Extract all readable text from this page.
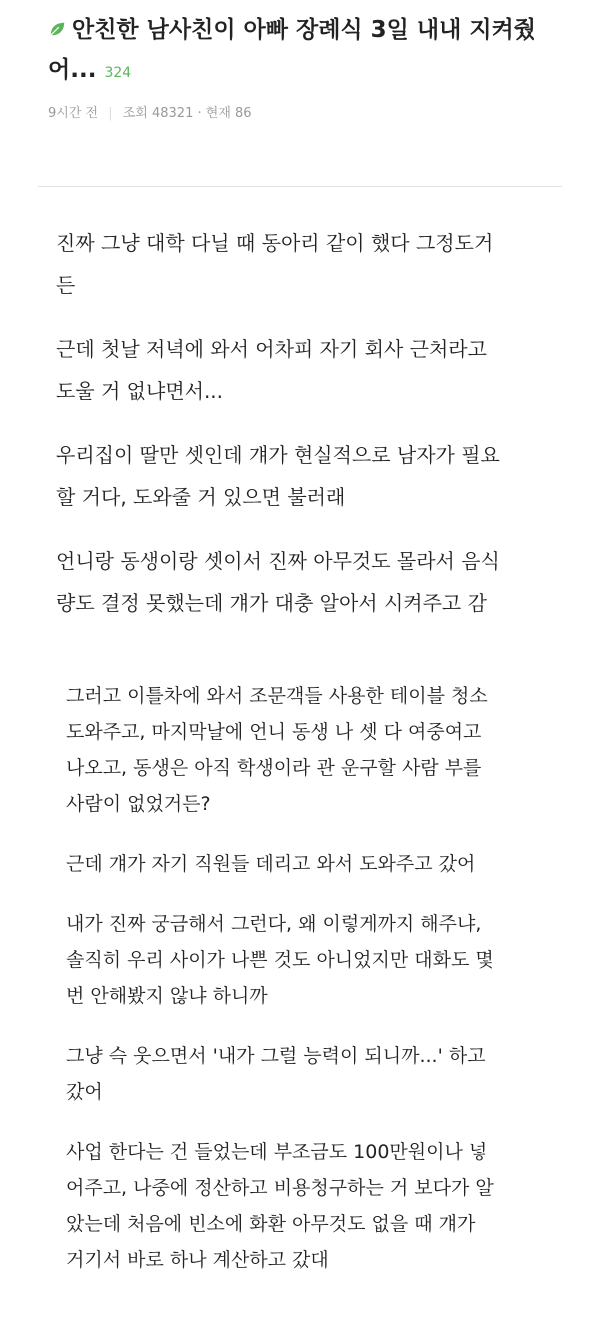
안친한 남사친이 아빠 장례식 3일 내내 지켜줬
어... 324
9시간 전 | 조회 48321 · 현재 86

진짜 그냥 대학 다닐 때 동아리 같이 했다 그정도거
든

근데 첫날 저녁에 와서 어차피 자기 회사 근처라고
도울 거 없냐면서...

우리집이 딸만 셋인데 걔가 현실적으로 남자가 필요
할 거다, 도와줄 거 있으면 불러래

언니랑 동생이랑 셋이서 진짜 아무것도 몰라서 음식
량도 결정 못했는데 걔가 대충 알아서 시켜주고 감

그러고 이틀차에 와서 조문객들 사용한 테이블 청소
도와주고, 마지막날에 언니 동생 나 셋 다 여중여고
나오고, 동생은 아직 학생이라 관 운구할 사람 부를
사람이 없었거든?

근데 걔가 자기 직원들 데리고 와서 도와주고 갔어

내가 진짜 궁금해서 그런다, 왜 이렇게까지 해주냐,
솔직히 우리 사이가 나쁜 것도 아니었지만 대화도 몇
번 안해봤지 않냐 하니까

그냥 슥 웃으면서 '내가 그럴 능력이 되니까...' 하고
갔어

사업 한다는 건 들었는데 부조금도 100만원이나 넣
어주고, 나중에 정산하고 비용청구하는 거 보다가 알
았는데 처음에 빈소에 화환 아무것도 없을 때 걔가
거기서 바로 하나 계산하고 갔대
